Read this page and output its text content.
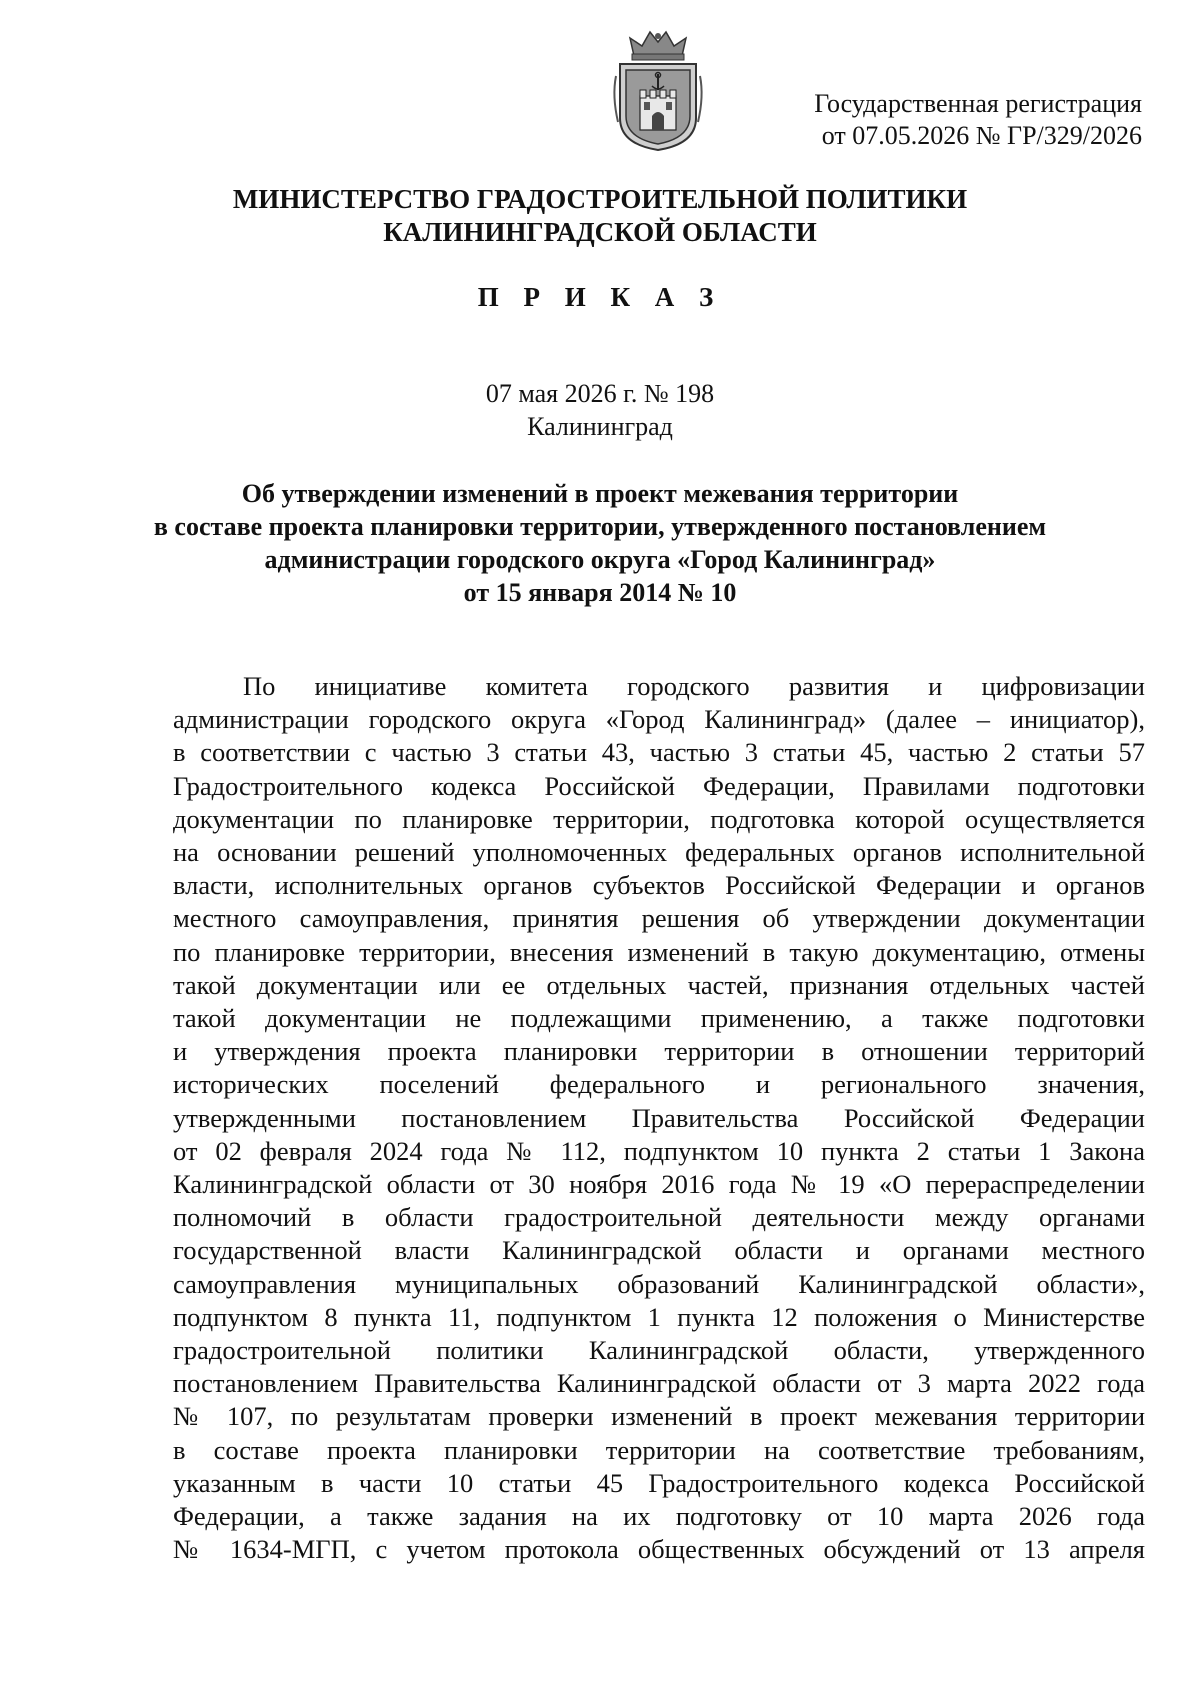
Государственная регистрация
от 07.05.2026 № ГР/329/2026
МИНИСТЕРСТВО ГРАДОСТРОИТЕЛЬНОЙ ПОЛИТИКИ
КАЛИНИНГРАДСКОЙ ОБЛАСТИ
П Р И К А З
07 мая 2026 г. № 198
Калининград
Об утверждении изменений в проект межевания территории
в составе проекта планировки территории, утвержденного постановлением
администрации городского округа «Город Калининград»
от 15 января 2014 № 10
По инициативе комитета городского развития и цифровизации
администрации городского округа «Город Калининград» (далее – инициатор),
в соответствии с частью 3 статьи 43, частью 3 статьи 45, частью 2 статьи 57
Градостроительного кодекса Российской Федерации, Правилами подготовки
документации по планировке территории, подготовка которой осуществляется
на основании решений уполномоченных федеральных органов исполнительной
власти, исполнительных органов субъектов Российской Федерации и органов
местного самоуправления, принятия решения об утверждении документации
по планировке территории, внесения изменений в такую документацию, отмены
такой документации или ее отдельных частей, признания отдельных частей
такой документации не подлежащими применению, а также подготовки
и утверждения проекта планировки территории в отношении территорий
исторических поселений федерального и регионального значения,
утвержденными постановлением Правительства Российской Федерации
от 02 февраля 2024 года № 112, подпунктом 10 пункта 2 статьи 1 Закона
Калининградской области от 30 ноября 2016 года № 19 «О перераспределении
полномочий в области градостроительной деятельности между органами
государственной власти Калининградской области и органами местного
самоуправления муниципальных образований Калининградской области»,
подпунктом 8 пункта 11, подпунктом 1 пункта 12 положения о Министерстве
градостроительной политики Калининградской области, утвержденного
постановлением Правительства Калининградской области от 3 марта 2022 года
№ 107, по результатам проверки изменений в проект межевания территории
в составе проекта планировки территории на соответствие требованиям,
указанным в части 10 статьи 45 Градостроительного кодекса Российской
Федерации, а также задания на их подготовку от 10 марта 2026 года
№ 1634-МГП, с учетом протокола общественных обсуждений от 13 апреля
